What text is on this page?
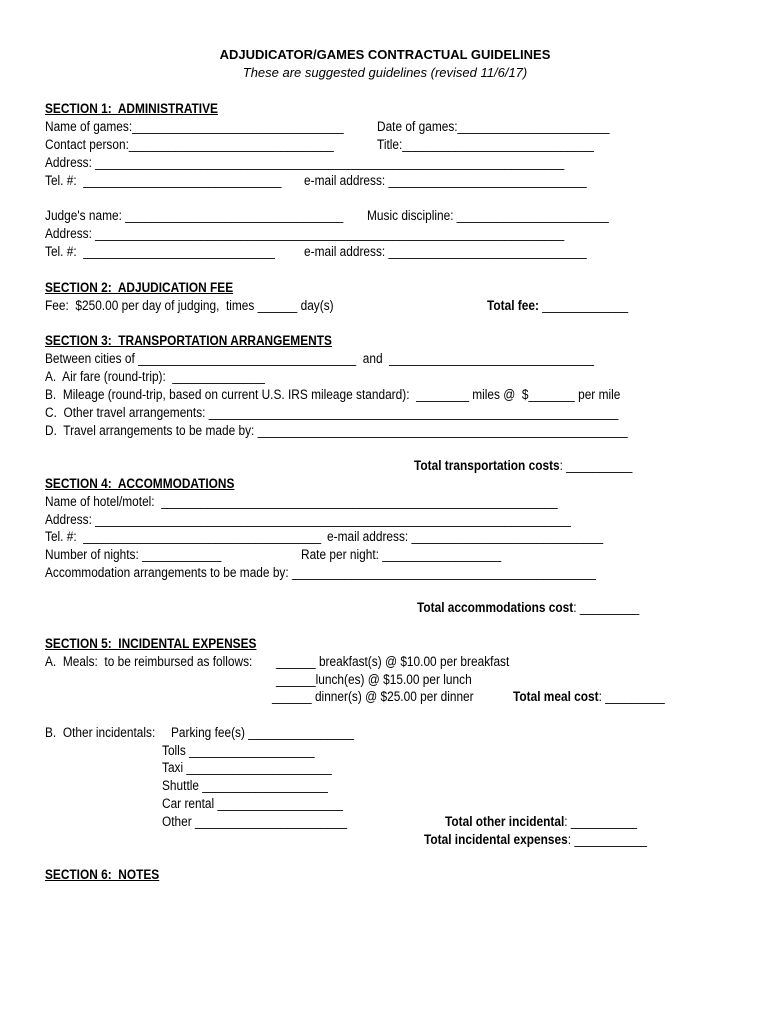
ADJUDICATOR/GAMES CONTRACTUAL GUIDELINES
These are suggested guidelines (revised 11/6/17)
SECTION 1:  ADMINISTRATIVE
Name of games:________________________________ Date of games:_______________________
Contact person:_______________________________	Title:_____________________________
Address: _______________________________________________________________________
Tel. #:  ______________________________ e-mail address: ______________________________
Judge's name: _________________________________ Music discipline: _______________________
Address: _______________________________________________________________________
Tel. #:  _____________________________ e-mail address: ______________________________
SECTION 2:  ADJUDICATION FEE
Fee:  $250.00 per day of judging,  times ______ day(s)	Total fee: _____________
SECTION 3:  TRANSPORTATION ARRANGEMENTS
Between cities of _________________________________  and  _______________________________
A.  Air fare (round-trip):  ______________
B.  Mileage (round-trip, based on current U.S. IRS mileage standard):  ________ miles @  $_______ per mile
C.  Other travel arrangements: ______________________________________________________________
D.  Travel arrangements to be made by: ________________________________________________________
Total transportation costs: __________
SECTION 4:  ACCOMMODATIONS
Name of hotel/motel:  ____________________________________________________________
Address: ________________________________________________________________________
Tel. #:  ____________________________________ e-mail address: _____________________________
Number of nights: ____________	Rate per night: __________________
Accommodation arrangements to be made by: ______________________________________________
Total accommodations cost: _________
SECTION 5:  INCIDENTAL EXPENSES
A.  Meals:  to be reimbursed as follows: ______ breakfast(s) @ $10.00 per breakfast
______lunch(es) @ $15.00 per lunch
______ dinner(s) @ $25.00 per dinner	Total meal cost: _________
B.  Other incidentals: Parking fee(s) ________________
Tolls ___________________
Taxi ______________________
Shuttle ___________________
Car rental ___________________
Other _______________________	Total other incidental: __________
Total incidental expenses: ___________
SECTION 6:  NOTES
